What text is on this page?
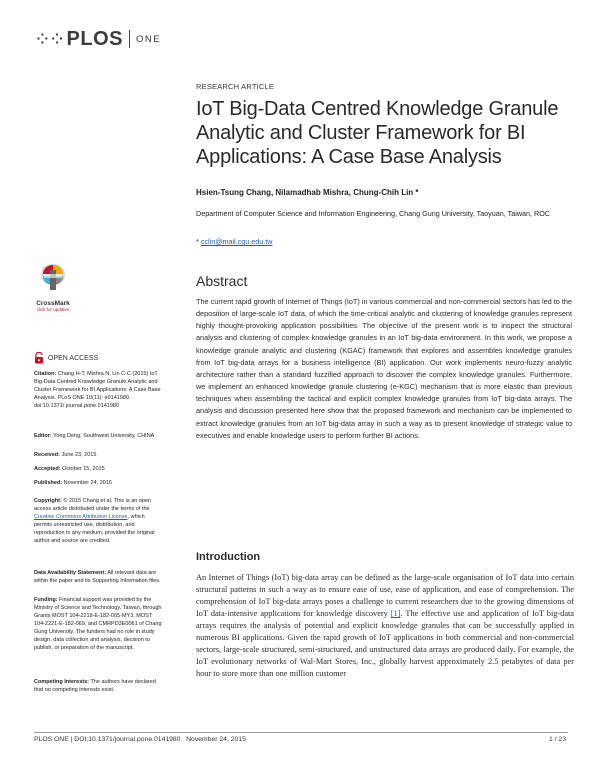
⁘⁘ PLOS ONE
RESEARCH ARTICLE
IoT Big-Data Centred Knowledge Granule Analytic and Cluster Framework for BI Applications: A Case Base Analysis
Hsien-Tsung Chang, Nilamadhab Mishra, Chung-Chih Lin *
Department of Computer Science and Information Engineering, Chang Gung University, Taoyuan, Taiwan, ROC
* cclin@mail.cgu.edu.tw
CrossMark
click for updates
OPEN ACCESS
Citation: Chang H-T, Mishra N, Lin C-C (2015) IoT Big-Data Centred Knowledge Granule Analytic and Cluster Framework for BI Applications: A Case Base Analysis. PLoS ONE 10(11): e0141980. doi:10.1371/ journal.pone.0141980
Editor: Yong Deng, Southwest University, CHINA
Received: June 23, 2015
Accepted: October 15, 2015
Published: November 24, 2015
Copyright: © 2015 Chang et al. This is an open access article distributed under the terms of the Creative Commons Attribution License, which permits unrestricted use, distribution, and reproduction in any medium, provided the original author and source are credited.
Data Availability Statement: All relevant data are within the paper and its Supporting Information files.
Funding: Financial support was provided by the Ministry of Science and Technology, Taiwan, through Grants MOST 104-2218-E-182-005-MY3, MOST 104-2221-E-182-069, and CMRPD3E0061 of Chang Gung University. The funders had no role in study design, data collection and analysis, decision to publish, or preparation of the manuscript.
Competing Interests: The authors have declared that no competing interests exist.
Abstract
The current rapid growth of Internet of Things (IoT) in various commercial and non-commercial sectors has led to the deposition of large-scale IoT data, of which the time-critical analytic and clustering of knowledge granules represent highly thought-provoking application possibilities. The objective of the present work is to inspect the structural analysis and clustering of complex knowledge granules in an IoT big-data environment. In this work, we propose a knowledge granule analytic and clustering (KGAC) framework that explores and assembles knowledge granules from IoT big-data arrays for a business intelligence (BI) application. Our work implements neuro-fuzzy analytic architecture rather than a standard fuzzified approach to discover the complex knowledge granules. Furthermore, we implement an enhanced knowledge granule clustering (e-KGC) mechanism that is more elastic than previous techniques when assembling the tactical and explicit complex knowledge granules from IoT big-data arrays. The analysis and discussion presented here show that the proposed framework and mechanism can be implemented to extract knowledge granules from an IoT big-data array in such a way as to present knowledge of strategic value to executives and enable knowledge users to perform further BI actions.
Introduction
An Internet of Things (IoT) big-data array can be defined as the large-scale organisation of IoT data into certain structural patterns in such a way as to ensure ease of use, ease of application, and ease of comprehension. The comprehension of IoT big-data arrays poses a challenge to current researchers due to the growing dimensions of IoT data-intensive applications for knowledge discovery [1]. The effective use and application of IoT big-data arrays requires the analysis of potential and explicit knowledge granules that can be successfully applied in numerous BI applications. Given the rapid growth of IoT applications in both commercial and non-commercial sectors, large-scale structured, semi-structured, and unstructured data arrays are produced daily. For example, the IoT evolutionary networks of Wal-Mart Stores, Inc., globally harvest approximately 2.5 petabytes of data per hour to store more than one million customer
PLOS ONE | DOI:10.1371/journal.pone.0141980   November 24, 2015	1 / 23
